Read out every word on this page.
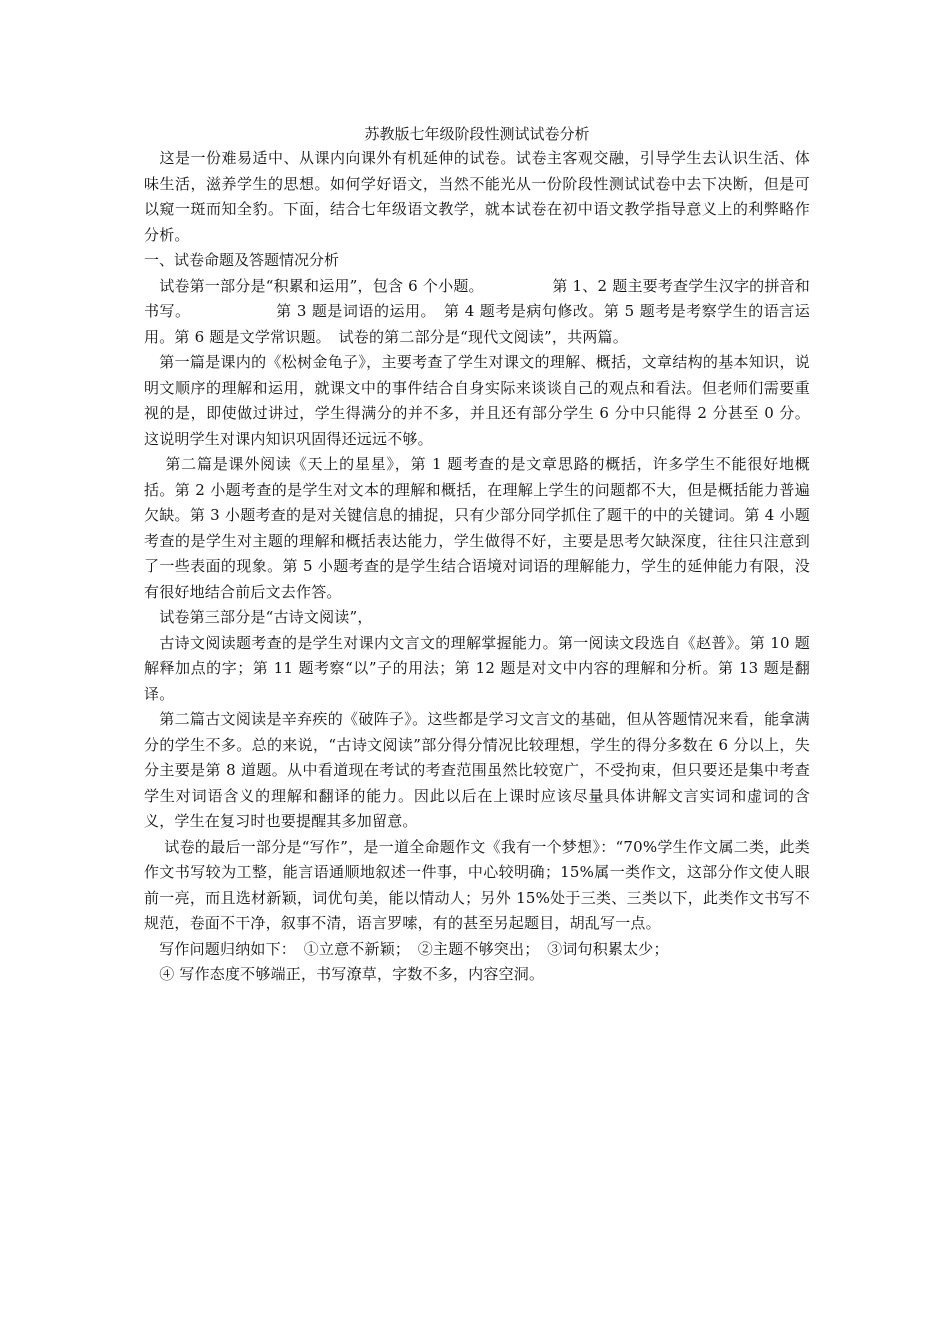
苏教版七年级阶段性测试试卷分析

　这是一份难易适中、从课内向课外有机延伸的试卷。试卷主客观交融，引导学生去认识生活、体味生活，滋养学生的思想。如何学好语文，当然不能光从一份阶段性测试试卷中去下决断，但是可以窥一斑而知全豹。下面，结合七年级语文教学，就本试卷在初中语文教学指导意义上的利弊略作分析。

一、试卷命题及答题情况分析

　试卷第一部分是“积累和运用”，包含 6 个小题。　　　　　第 1、2 题主要考查学生汉字的拼音和书写。　　　　　　第 3 题是词语的运用。　第 4 题考是病句修改。第 5 题考是考察学生的语言运用。第 6 题是文学常识题。　试卷的第二部分是“现代文阅读”，共两篇。

　第一篇是课内的《松树金龟子》，主要考查了学生对课文的理解、概括，文章结构的基本知识，说明文顺序的理解和运用，就课文中的事件结合自身实际来谈谈自己的观点和看法。但老师们需要重视的是，即使做过讲过，学生得满分的并不多，并且还有部分学生 6 分中只能得 2 分甚至 0 分。这说明学生对课内知识巩固得还远远不够。

　 第二篇是课外阅读《天上的星星》，第 1 题考查的是文章思路的概括，许多学生不能很好地概括。第 2 小题考查的是学生对文本的理解和概括，在理解上学生的问题都不大，但是概括能力普遍欠缺。第 3 小题考查的是对关键信息的捕捉，只有少部分同学抓住了题干的中的关键词。第 4 小题考查的是学生对主题的理解和概括表达能力，学生做得不好，主要是思考欠缺深度，往往只注意到了一些表面的现象。第 5 小题考查的是学生结合语境对词语的理解能力，学生的延伸能力有限，没有很好地结合前后文去作答。

　试卷第三部分是“古诗文阅读”，

　古诗文阅读题考查的是学生对课内文言文的理解掌握能力。第一阅读文段选自《赵普》。第 10 题解释加点的字；第 11 题考察“以”子的用法；第 12 题是对文中内容的理解和分析。第 13 题是翻译。

　第二篇古文阅读是辛弃疾的《破阵子》。这些都是学习文言文的基础，但从答题情况来看，能拿满分的学生不多。总的来说，“古诗文阅读”部分得分情况比较理想，学生的得分多数在 6 分以上，失分主要是第 8 道题。从中看道现在考试的考查范围虽然比较宽广，不受拘束，但只要还是集中考查学生对词语含义的理解和翻译的能力。因此以后在上课时应该尽量具体讲解文言实词和虚词的含义，学生在复习时也要提醒其多加留意。

　 试卷的最后一部分是“写作”，是一道全命题作文《我有一个梦想》：“70%学生作文属二类，此类作文书写较为工整，能言语通顺地叙述一件事，中心较明确；15%属一类作文，这部分作文使人眼前一亮，而且选材新颖，词优句美，能以情动人；另外 15%处于三类、三类以下，此类作文书写不规范，卷面不干净，叙事不清，语言罗嗦，有的甚至另起题目，胡乱写一点。

　写作问题归纳如下：　①立意不新颖；　②主题不够突出；　③词句积累太少；

　④ 写作态度不够端正，书写潦草，字数不多，内容空洞。
